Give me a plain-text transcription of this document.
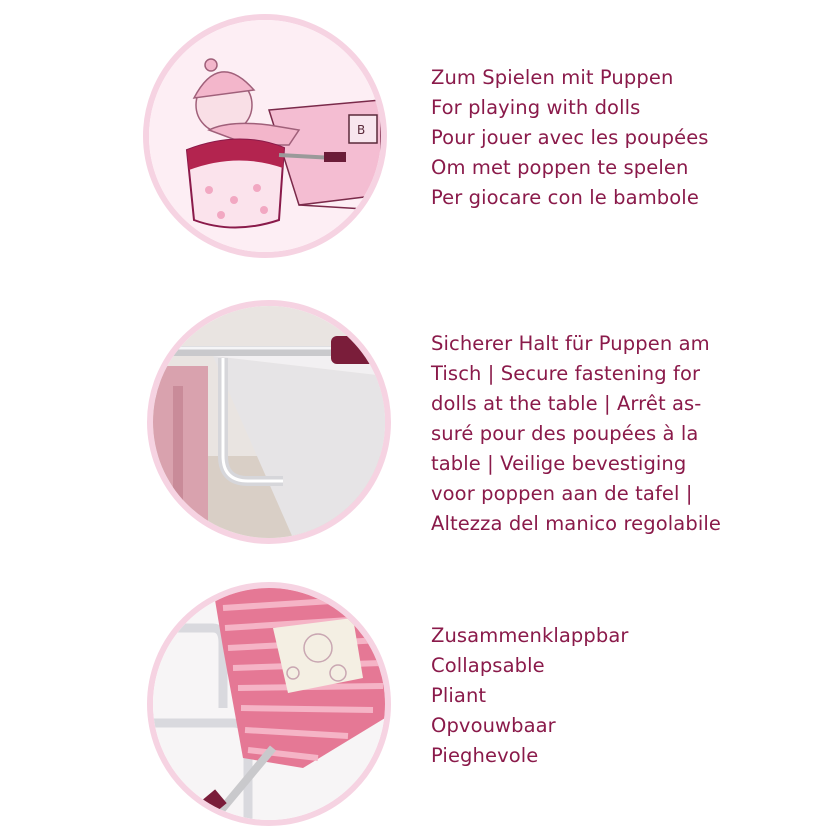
B
Zum Spielen mit Puppen
For playing with dolls
Pour jouer avec les poupées
Om met poppen te spelen
Per giocare con le bambole
Sicherer Halt für Puppen am
Tisch | Secure fastening for
dolls at the table | Arrêt as-
suré pour des poupées à la
table | Veilige bevestiging
voor poppen aan de tafel |
Altezza del manico regolabile
Zusammenklappbar
Collapsable
Pliant
Opvouwbaar
Pieghevole
